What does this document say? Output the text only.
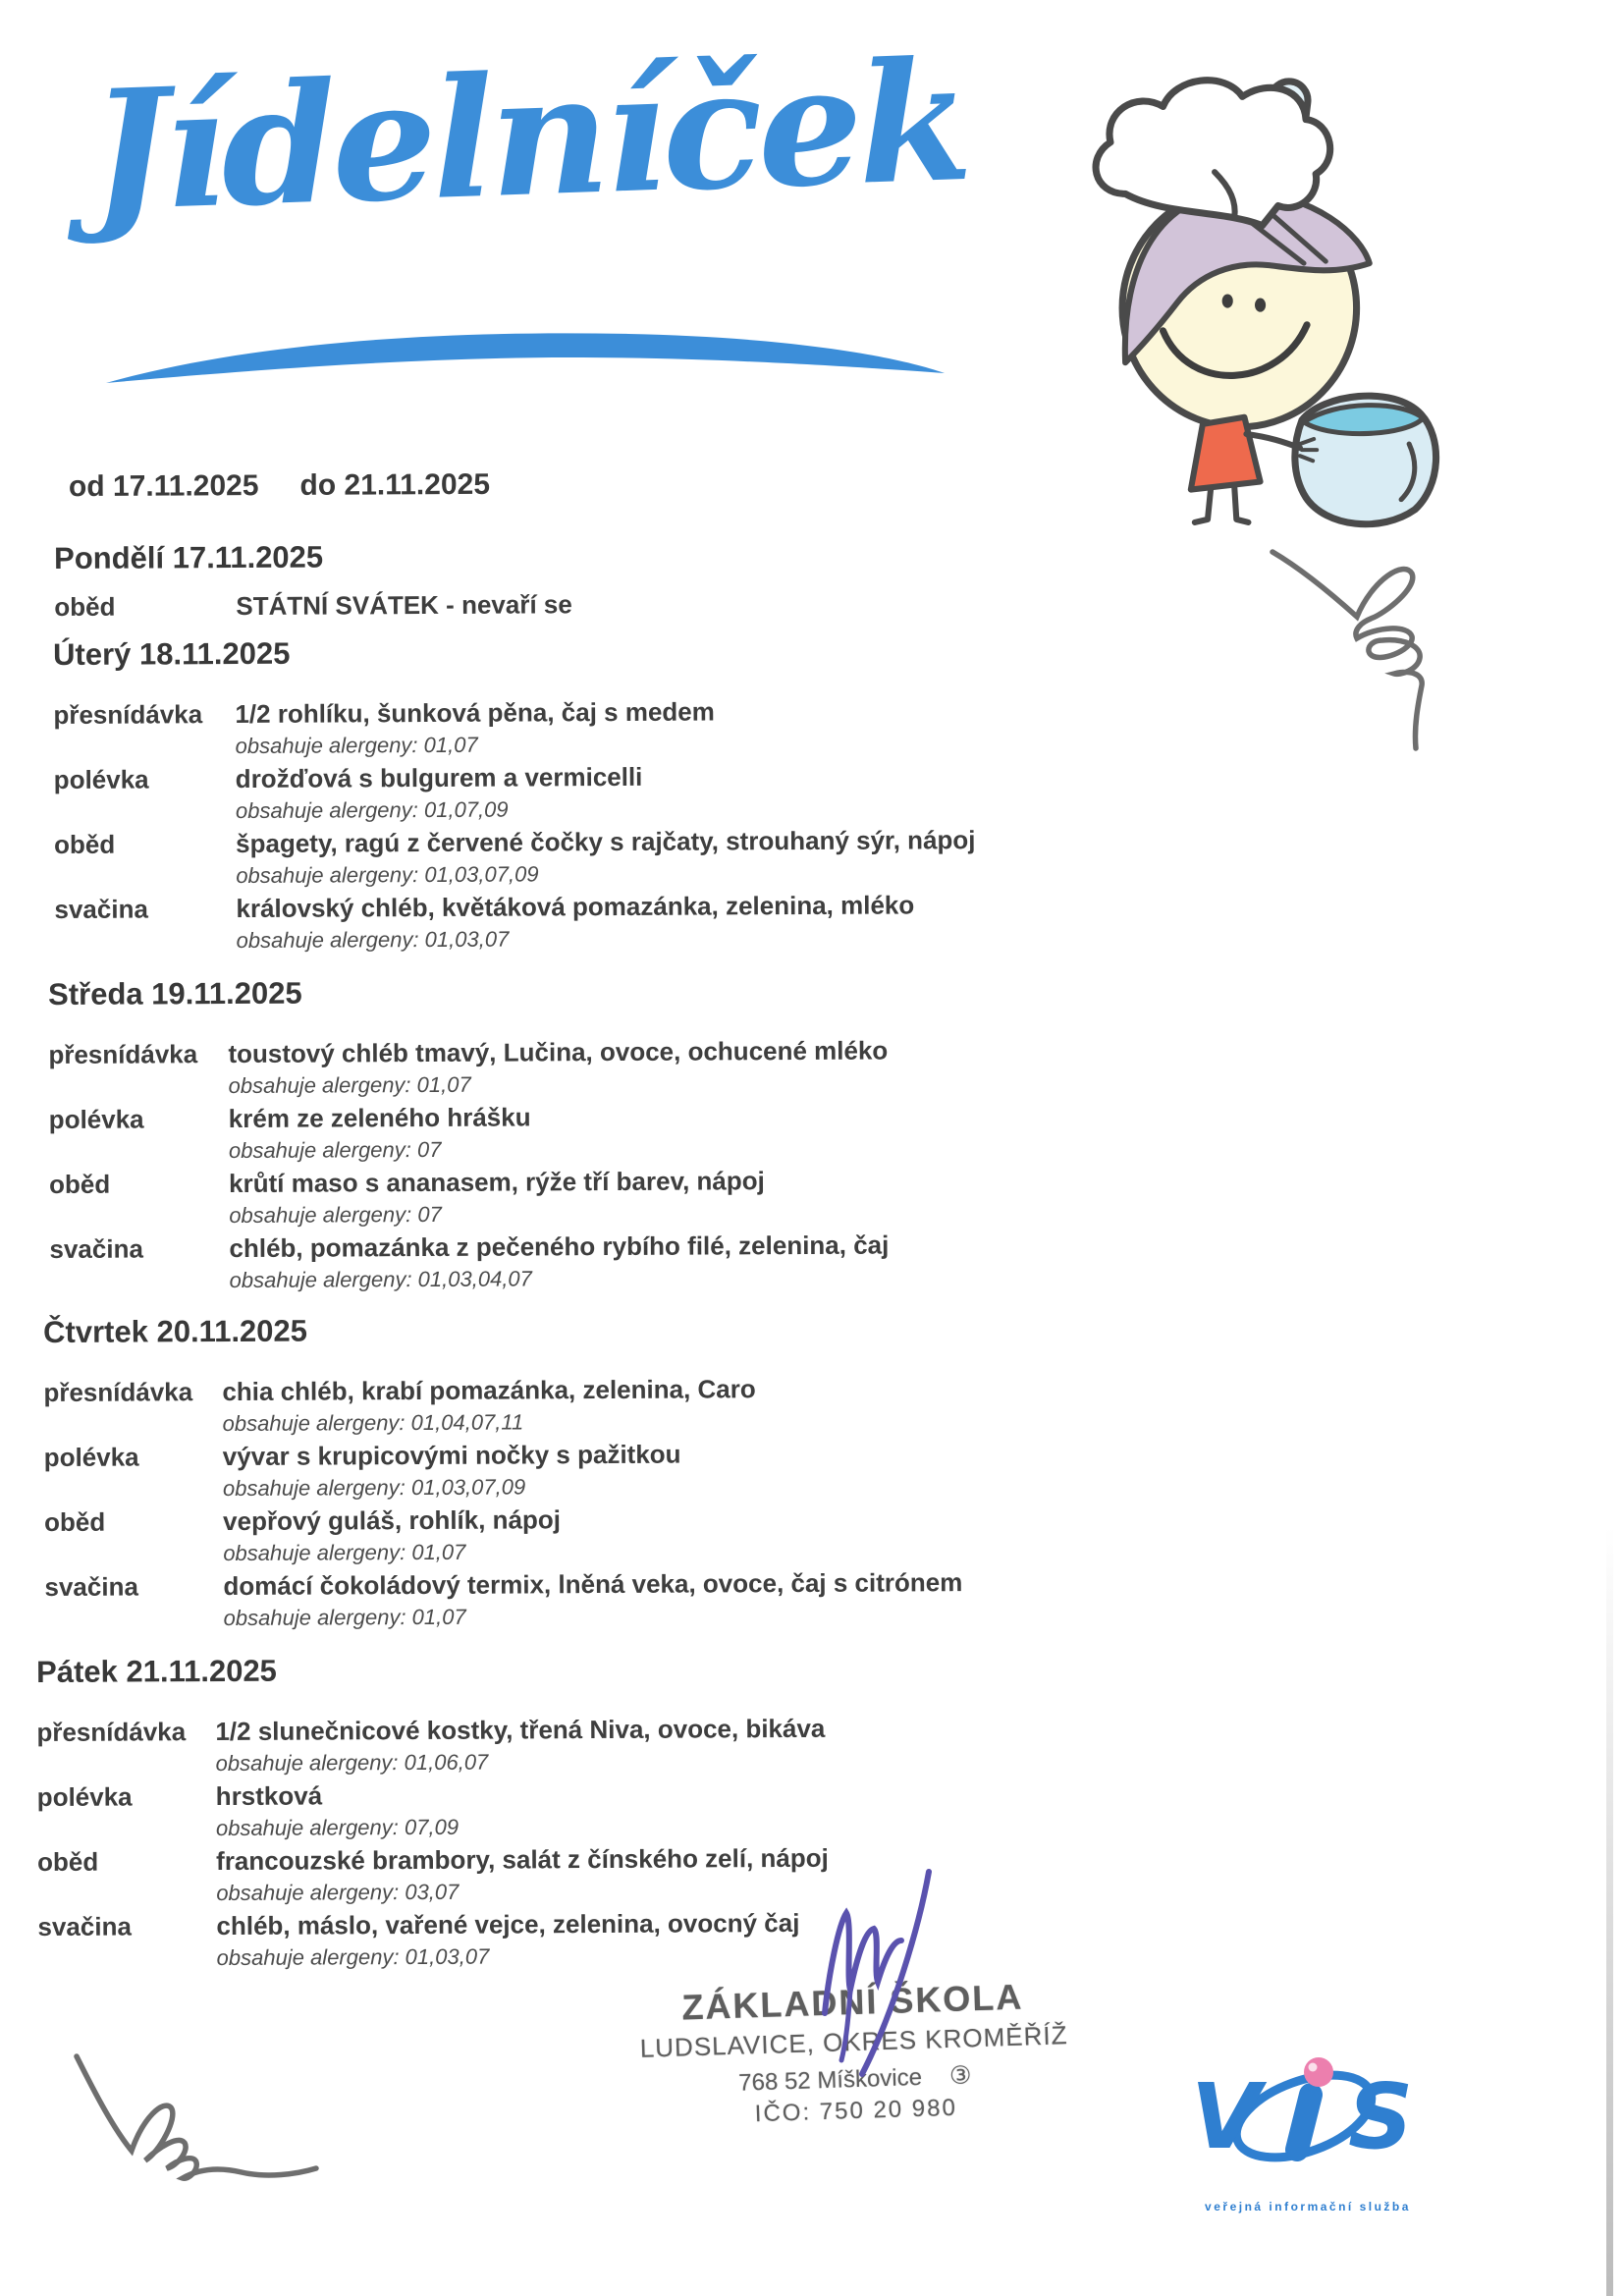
Jídelníček
od 17.11.2025 do 21.11.2025
Pondělí 17.11.2025
oběd	STÁTNÍ SVÁTEK - nevaří se
Úterý 18.11.2025
přesnídávka	1/2 rohlíku, šunková pěna, čaj s medem
obsahuje alergeny: 01,07
polévka	drožďová s bulgurem a vermicelli
obsahuje alergeny: 01,07,09
oběd	špagety, ragú z červené čočky s rajčaty, strouhaný sýr, nápoj
obsahuje alergeny: 01,03,07,09
svačina	královský chléb, květáková pomazánka, zelenina, mléko
obsahuje alergeny: 01,03,07
Středa 19.11.2025
přesnídávka	toustový chléb tmavý, Lučina, ovoce, ochucené mléko
obsahuje alergeny: 01,07
polévka	krém ze zeleného hrášku
obsahuje alergeny: 07
oběd	krůtí maso s ananasem, rýže tří barev, nápoj
obsahuje alergeny: 07
svačina	chléb, pomazánka z pečeného rybího filé, zelenina, čaj
obsahuje alergeny: 01,03,04,07
Čtvrtek 20.11.2025
přesnídávka	chia chléb, krabí pomazánka, zelenina, Caro
obsahuje alergeny: 01,04,07,11
polévka	vývar s krupicovými nočky s pažitkou
obsahuje alergeny: 01,03,07,09
oběd	vepřový guláš, rohlík, nápoj
obsahuje alergeny: 01,07
svačina	domácí čokoládový termix, lněná veka, ovoce, čaj s citrónem
obsahuje alergeny: 01,07
Pátek 21.11.2025
přesnídávka	1/2 slunečnicové kostky, třená Niva, ovoce, bikáva
obsahuje alergeny: 01,06,07
polévka	hrstková
obsahuje alergeny: 07,09
oběd	francouzské brambory, salát z čínského zelí, nápoj
obsahuje alergeny: 03,07
svačina	chléb, máslo, vařené vejce, zelenina, ovocný čaj
obsahuje alergeny: 01,03,07
ZÁKLADNÍ ŠKOLA
LUDSLAVICE, OKRES KROMĚŘÍŽ
768 52 Míškovice ③
IČO: 750 20 980	V S
veřejná informační služba
